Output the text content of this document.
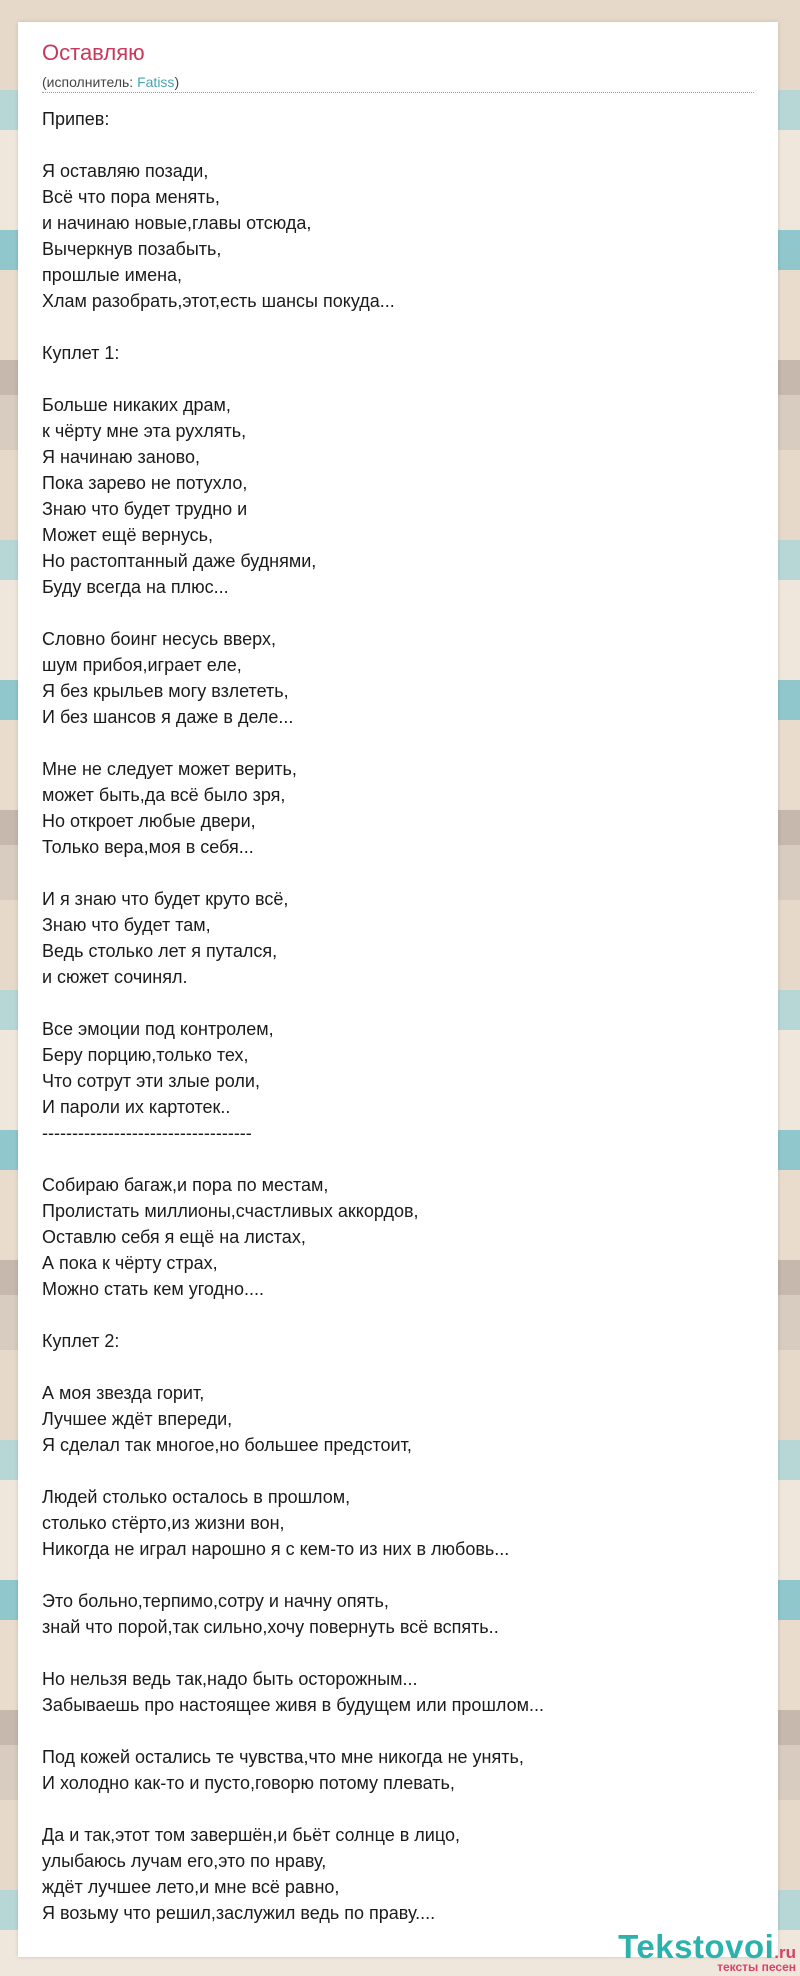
Оставляю
(исполнитель: Fatiss)
Припев:

Я оставляю позади,
Всё что пора менять,
и начинаю новые,главы отсюда,
Вычеркнув позабыть,
прошлые имена,
Хлам разобрать,этот,есть шансы покуда...

Куплет 1:

Больше никаких драм,
к чёрту мне эта рухлять,
Я начинаю заново,
Пока зарево не потухло,
Знаю что будет трудно и
Может ещё вернусь,
Но растоптанный даже буднями,
Буду всегда на плюс...

Словно боинг несусь вверх,
шум прибоя,играет еле,
Я без крыльев могу взлететь,
И без шансов я даже в деле...

Мне не следует может верить,
может быть,да всё было зря,
Но откроет любые двери,
Только вера,моя в себя...

И я знаю что будет круто всё,
Знаю что будет там,
Ведь столько лет я путался,
и сюжет сочинял.

Все эмоции под контролем,
Беру порцию,только тех,
Что сотрут эти злые роли,
И пароли их картотек..
-----------------------------------

Собираю багаж,и пора по местам,
Пролистать миллионы,счастливых аккордов,
Оставлю себя я ещё на листах,
А пока к чёрту страх,
Можно стать кем угодно....

Куплет 2:

А моя звезда горит,
Лучшее ждёт впереди,
Я сделал так многое,но большее предстоит,

Людей столько осталось в прошлом,
столько стёрто,из жизни вон,
Никогда не играл нарошно я с кем-то из них в любовь...

Это больно,терпимо,сотру и начну опять,
знай что порой,так сильно,хочу повернуть всё вспять..

Но нельзя ведь так,надо быть осторожным...
Забываешь про настоящее живя в будущем или прошлом...

Под кожей остались те чувства,что мне никогда не унять,
И холодно как-то и пусто,говорю потому плевать,

Да и так,этот том завершён,и бьёт солнце в лицо,
улыбаюсь лучам его,это по нраву,
ждёт лучшее лето,и мне всё равно,
Я возьму что решил,заслужил ведь по праву....
Tekstovoi.ru
тексты песен
